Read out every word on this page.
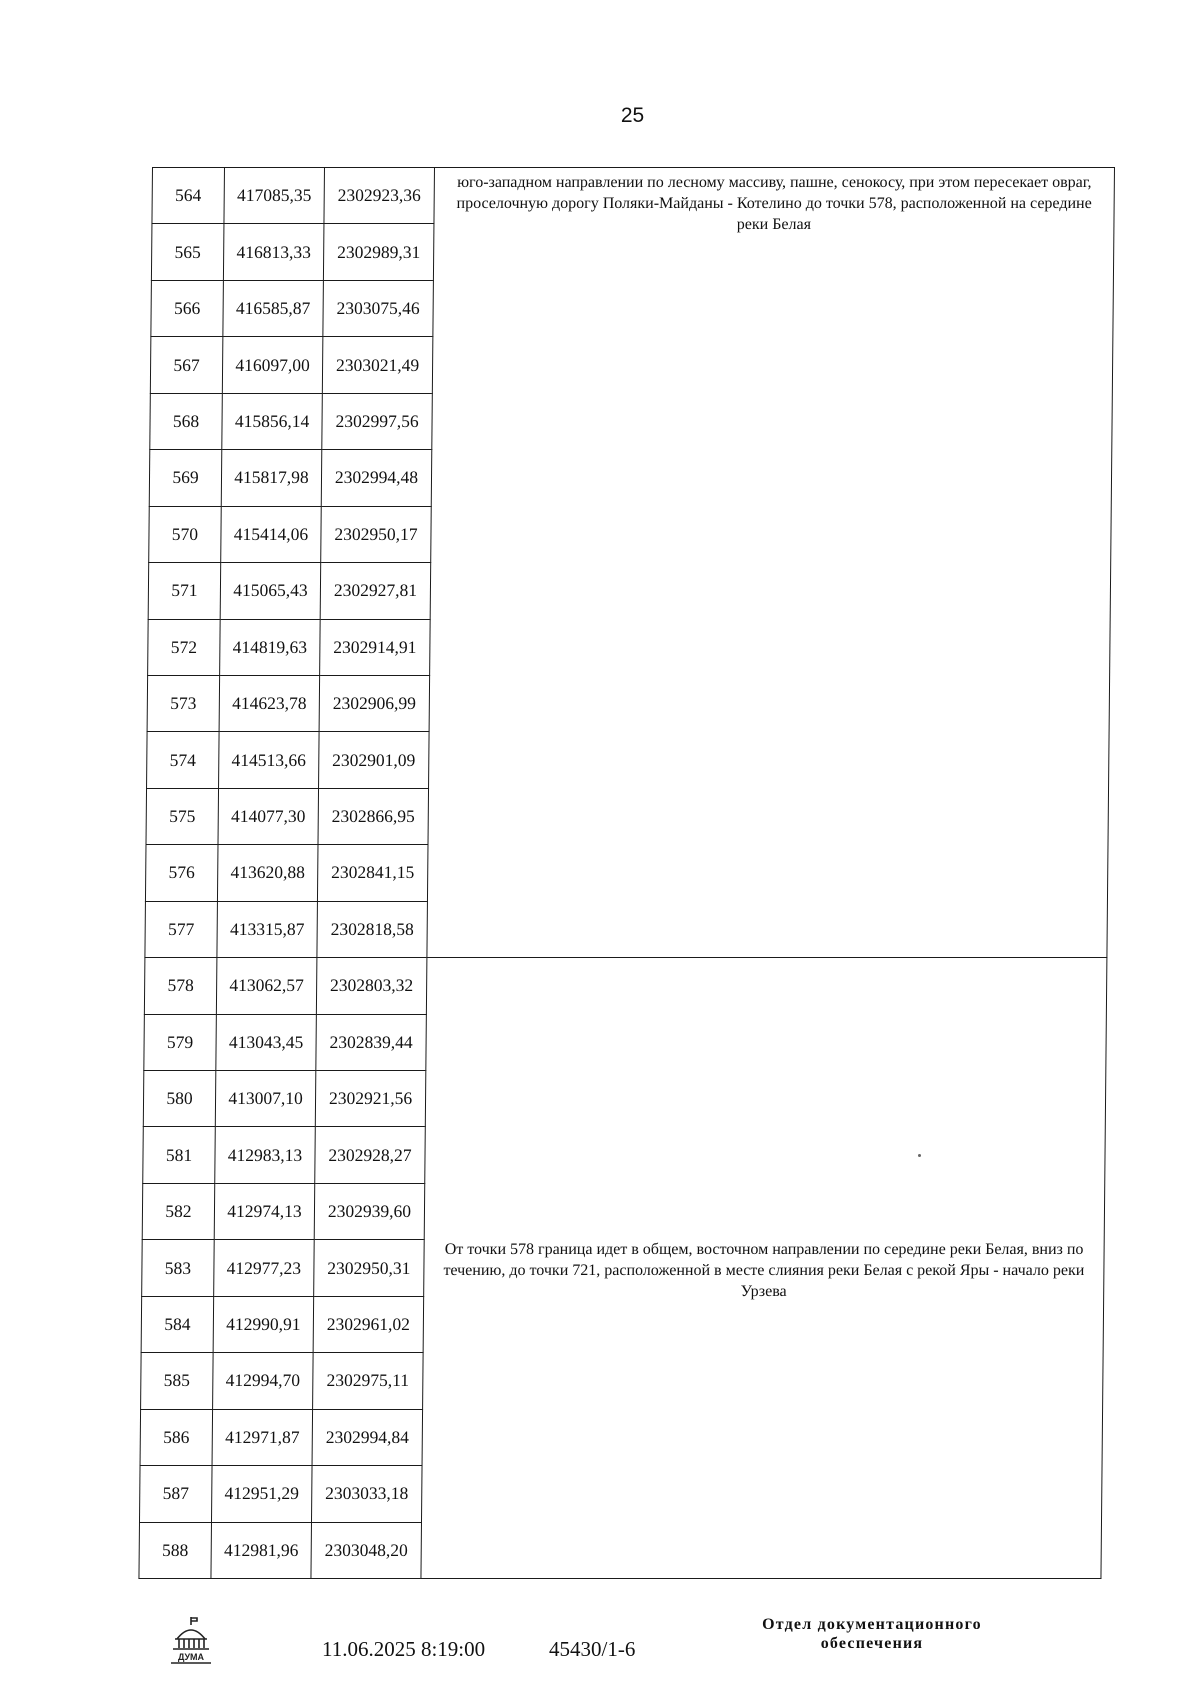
25
564	417085,35	2302923,36	юго-западном направлении по лесному массиву, пашне, сенокосу, при этом пересекает овраг, проселочную дорогу Поляки-Майданы - Котелино до точки 578, расположенной на середине реки Белая
565	416813,33	2302989,31	
566	416585,87	2303075,46	
567	416097,00	2303021,49	
568	415856,14	2302997,56	
569	415817,98	2302994,48	
570	415414,06	2302950,17	
571	415065,43	2302927,81	
572	414819,63	2302914,91	
573	414623,78	2302906,99	
574	414513,66	2302901,09	
575	414077,30	2302866,95	
576	413620,88	2302841,15	
577	413315,87	2302818,58	
578	413062,57	2302803,32	От точки 578 граница идет в общем, восточном направлении по середине реки Белая, вниз по течению, до точки 721, расположенной в месте слияния реки Белая с рекой Яры - начало реки Урзева
579	413043,45	2302839,44	
580	413007,10	2302921,56	
581	412983,13	2302928,27	
582	412974,13	2302939,60	
583	412977,23	2302950,31	
584	412990,91	2302961,02	
585	412994,70	2302975,11	
586	412971,87	2302994,84	
587	412951,29	2303033,18	
588	412981,96	2303048,20	
ДУМА	11.06.2025 8:19:00	45430/1-6
Отдел документационного
обеспечения
